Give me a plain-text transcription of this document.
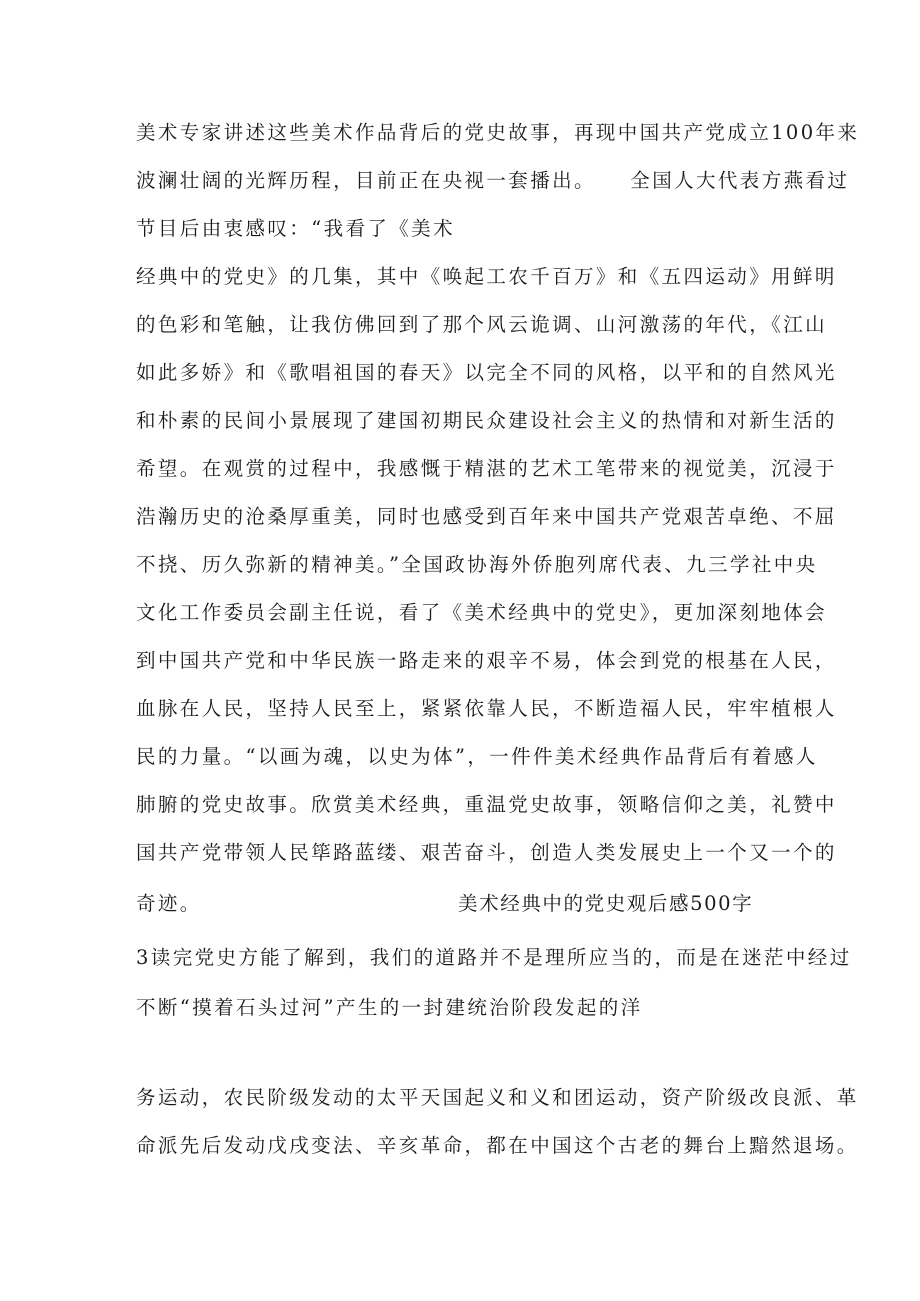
美术专家讲述这些美术作品背后的党史故事，再现中国共产党成立100年来
波澜壮阔的光辉历程，目前正在央视一套播出。    全国人大代表方燕看过
节目后由衷感叹：“我看了《美术
经典中的党史》的几集，其中《唤起工农千百万》和《五四运动》用鲜明
的色彩和笔触，让我仿佛回到了那个风云诡调、山河激荡的年代，《江山
如此多娇》和《歌唱祖国的春天》以完全不同的风格，以平和的自然风光
和朴素的民间小景展现了建国初期民众建设社会主义的热情和对新生活的
希望。在观赏的过程中，我感慨于精湛的艺术工笔带来的视觉美，沉浸于
浩瀚历史的沧桑厚重美，同时也感受到百年来中国共产党艰苦卓绝、不屈
不挠、历久弥新的精神美。”全国政协海外侨胞列席代表、九三学社中央
文化工作委员会副主任说，看了《美术经典中的党史》，更加深刻地体会
到中国共产党和中华民族一路走来的艰辛不易，体会到党的根基在人民，
血脉在人民，坚持人民至上，紧紧依靠人民，不断造福人民，牢牢植根人
民的力量。“以画为魂，以史为体”，一件件美术经典作品背后有着感人
肺腑的党史故事。欣赏美术经典，重温党史故事，领略信仰之美，礼赞中
国共产党带领人民筚路蓝缕、艰苦奋斗，创造人类发展史上一个又一个的
奇迹。	美术经典中的党史观后感500字
3读完党史方能了解到，我们的道路并不是理所应当的，而是在迷茫中经过
不断“摸着石头过河”产生的一封建统治阶段发起的洋
务运动，农民阶级发动的太平天国起义和义和团运动，资产阶级改良派、革
命派先后发动戊戌变法、辛亥革命，都在中国这个古老的舞台上黯然退场。
